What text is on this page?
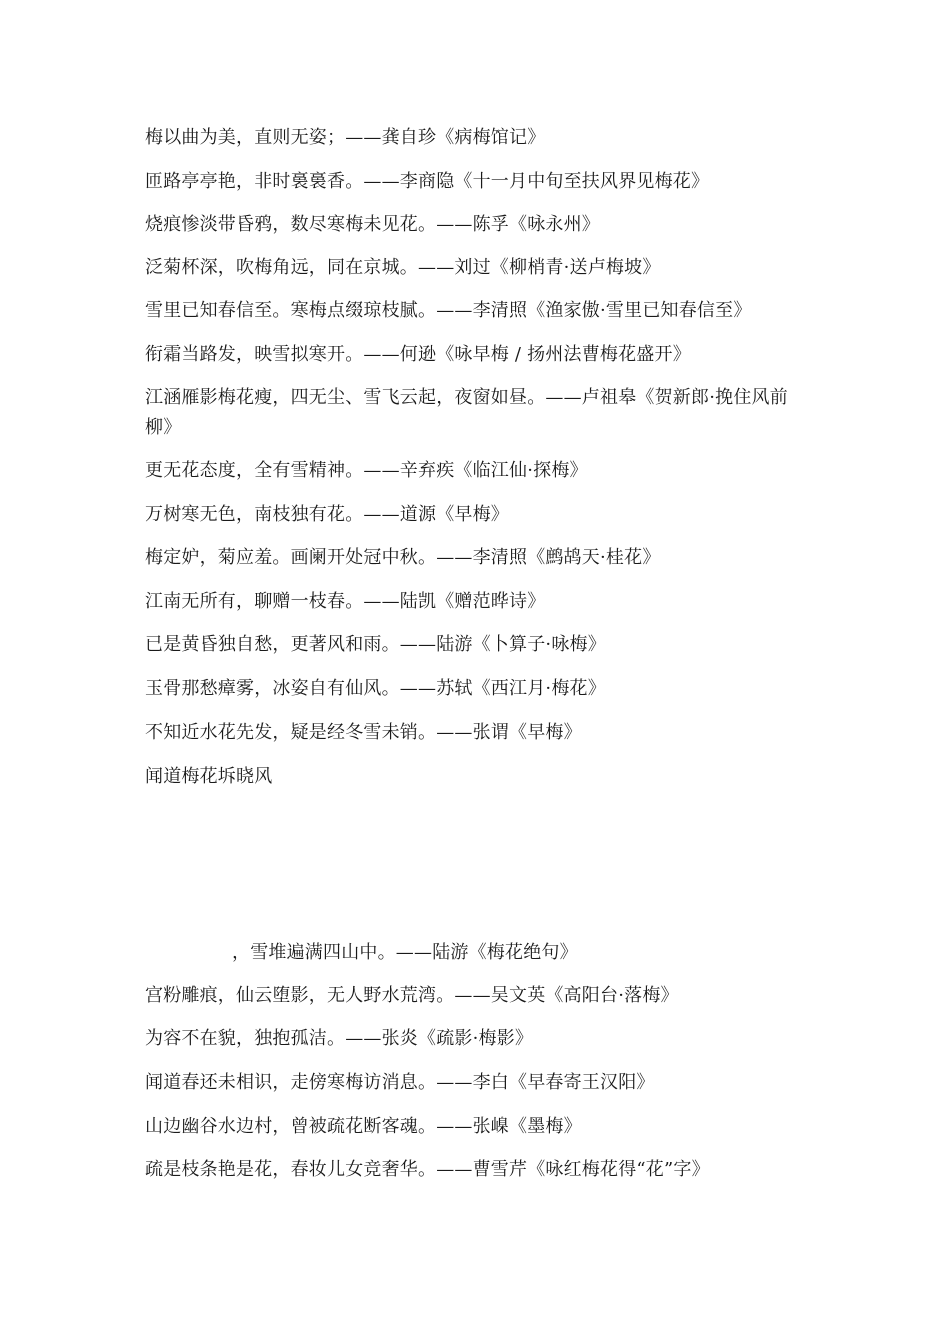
梅以曲为美，直则无姿；——龚自珍《病梅馆记》
匝路亭亭艳，非时裛裛香。——李商隐《十一月中旬至扶风界见梅花》
烧痕惨淡带昏鸦，数尽寒梅未见花。——陈孚《咏永州》
泛菊杯深，吹梅角远，同在京城。——刘过《柳梢青·送卢梅坡》
雪里已知春信至。寒梅点缀琼枝腻。——李清照《渔家傲·雪里已知春信至》
衔霜当路发，映雪拟寒开。——何逊《咏早梅 / 扬州法曹梅花盛开》
江涵雁影梅花瘦，四无尘、雪飞云起，夜窗如昼。——卢祖皋《贺新郎·挽住风前柳》
更无花态度，全有雪精神。——辛弃疾《临江仙·探梅》
万树寒无色，南枝独有花。——道源《早梅》
梅定妒，菊应羞。画阑开处冠中秋。——李清照《鹧鸪天·桂花》
江南无所有，聊赠一枝春。——陆凯《赠范晔诗》
已是黄昏独自愁，更著风和雨。——陆游《卜算子·咏梅》
玉骨那愁瘴雾，冰姿自有仙风。——苏轼《西江月·梅花》
不知近水花先发，疑是经冬雪未销。——张谓《早梅》
闻道梅花坼晓风
，雪堆遍满四山中。——陆游《梅花绝句》
宫粉雕痕，仙云堕影，无人野水荒湾。——吴文英《高阳台·落梅》
为容不在貌，独抱孤洁。——张炎《疏影·梅影》
闻道春还未相识，走傍寒梅访消息。——李白《早春寄王汉阳》
山边幽谷水边村，曾被疏花断客魂。——张嵲《墨梅》
疏是枝条艳是花，春妆儿女竞奢华。——曹雪芹《咏红梅花得“花”字》
